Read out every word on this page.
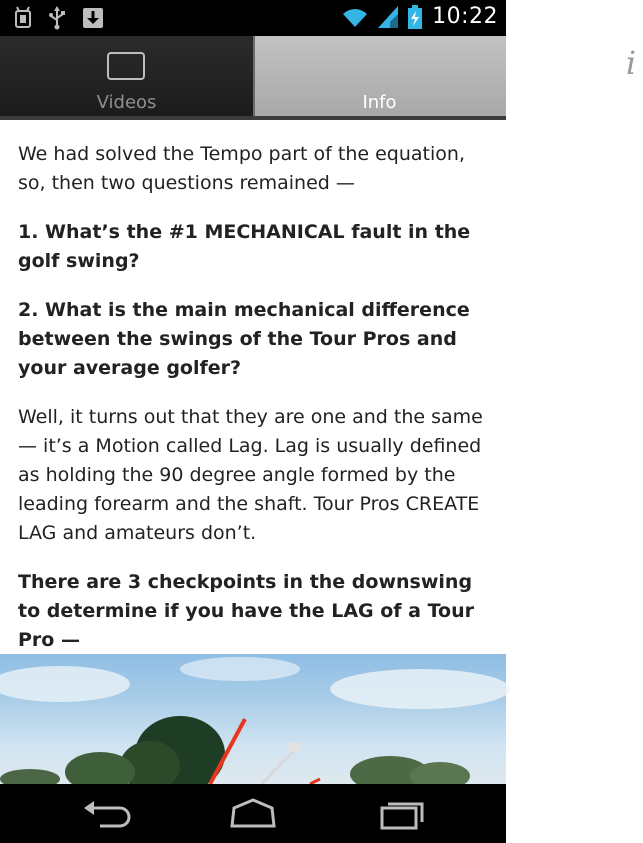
10:22
Videos
i
Info

We had solved the Tempo part of the equation, so, then two questions remained —

1. What’s the #1 MECHANICAL fault in the golf swing?

2. What is the main mechanical difference between the swings of the Tour Pros and your average golfer?

Well, it turns out that they are one and the same — it’s a Motion called Lag. Lag is usually defined as holding the 90 degree angle formed by the leading forearm and the shaft. Tour Pros CREATE LAG and amateurs don’t.

There are 3 checkpoints in the downswing to determine if you have the LAG of a Tour Pro —
